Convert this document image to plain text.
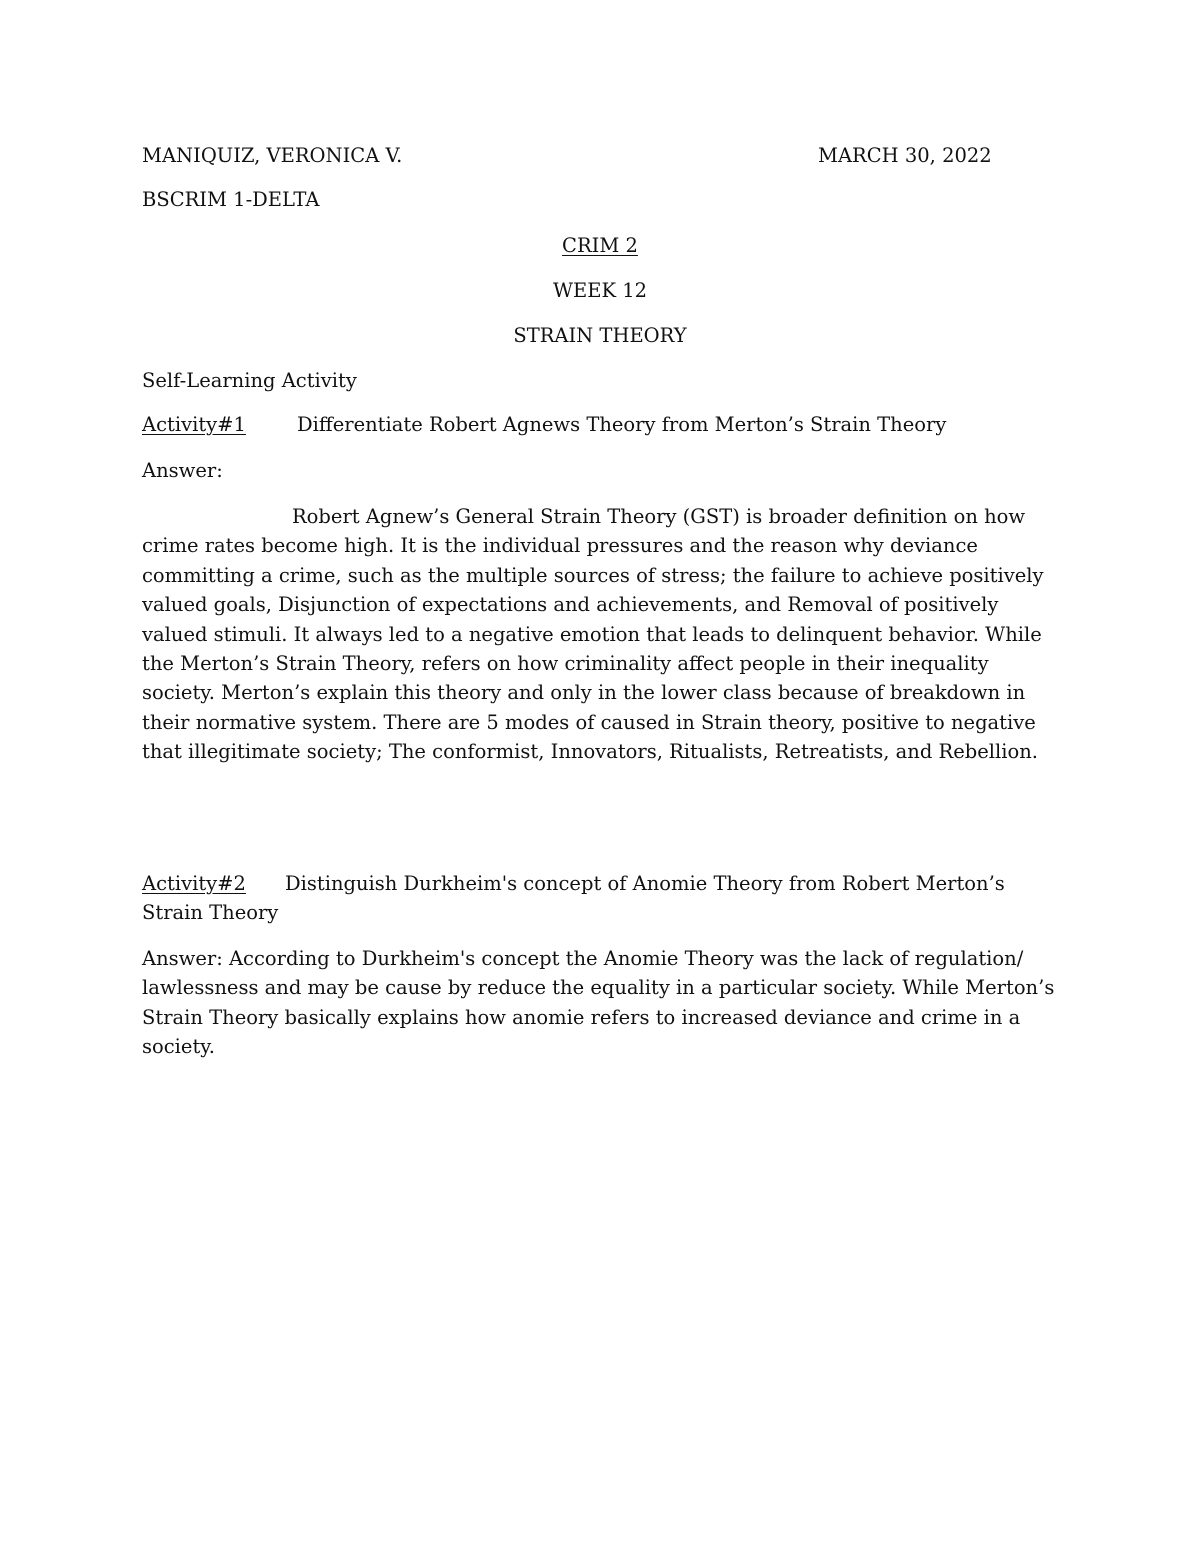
MANIQUIZ, VERONICA V.	MARCH 30, 2022
BSCRIM 1-DELTA
CRIM 2
WEEK 12
STRAIN THEORY
Self-Learning Activity
Activity#1	Differentiate Robert Agnews Theory from Merton’s Strain Theory
Answer:
Robert Agnew’s General Strain Theory (GST) is broader definition on how crime rates become high. It is the individual pressures and the reason why deviance committing a crime, such as the multiple sources of stress; the failure to achieve positively valued goals, Disjunction of expectations and achievements, and Removal of positively valued stimuli. It always led to a negative emotion that leads to delinquent behavior. While the Merton’s Strain Theory, refers on how criminality affect people in their inequality society. Merton’s explain this theory and only in the lower class because of breakdown in their normative system. There are 5 modes of caused in Strain theory, positive to negative that illegitimate society; The conformist, Innovators, Ritualists, Retreatists, and Rebellion.
Activity#2 Distinguish Durkheim's concept of Anomie Theory from Robert Merton’s
Strain Theory
Answer: According to Durkheim's concept the Anomie Theory was the lack of regulation/ lawlessness and may be cause by reduce the equality in a particular society. While Merton’s Strain Theory basically explains how anomie refers to increased deviance and crime in a society.
